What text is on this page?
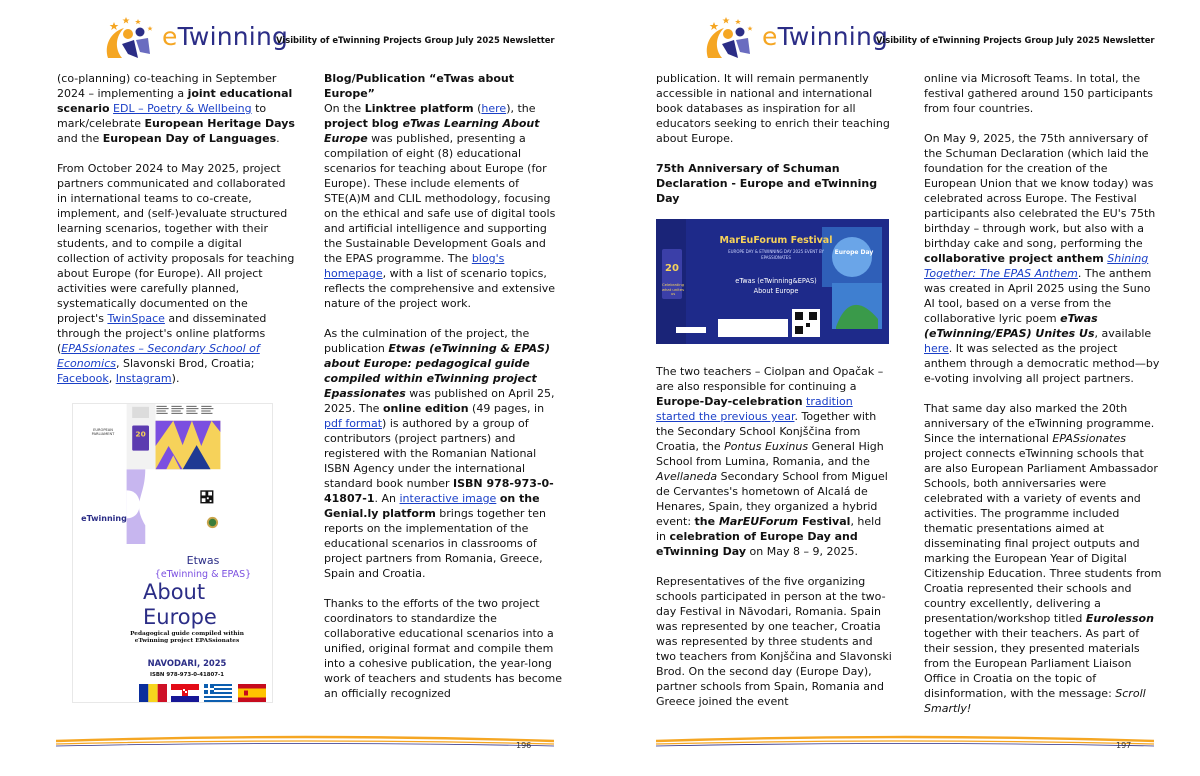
eTwinning
Visibility of eTwinning Projects Group July 2025 Newsletter

(co-planning) co-teaching in September 2024 – implementing a joint educational scenario EDL – Poetry & Wellbeing to mark/celebrate European Heritage Days and the European Day of Languages.

From October 2024 to May 2025, project partners communicated and collaborated in international teams to co-create, implement, and (self-)evaluate structured learning scenarios, together with their students, and to compile a digital collection of activity proposals for teaching about Europe (for Europe). All project activities were carefully planned, systematically documented on the project's TwinSpace and disseminated through the project's online platforms (EPASsionates – Secondary School of Economics, Slavonski Brod, Croatia; Facebook, Instagram).

20
eTwinning
EUROPEAN PARLIAMENT
Celebrating what unites us
Etwas
{eTwinning & EPAS}
About
Europe
Pedagogical guide compiled within eTwinning project EPASsionates
NAVODARI, 2025
ISBN 978-973-0-41807-1

Blog/Publication “eTwas about Europe”

On the Linktree platform (here), the project blog eTwas Learning About Europe was published, presenting a compilation of eight (8) educational scenarios for teaching about Europe (for Europe). These include elements of STE(A)M and CLIL methodology, focusing on the ethical and safe use of digital tools and artificial intelligence and supporting the Sustainable Development Goals and the EPAS programme. The blog's homepage, with a list of scenario topics, reflects the comprehensive and extensive nature of the project work.

As the culmination of the project, the publication Etwas (eTwinning & EPAS) about Europe: pedagogical guide compiled within eTwinning project Epassionates was published on April 25, 2025. The online edition (49 pages, in pdf format) is authored by a group of contributors (project partners) and registered with the Romanian National ISBN Agency under the international standard book number ISBN 978-973-0-41807-1. An interactive image on the Genial.ly platform brings together ten reports on the implementation of the educational scenarios in classrooms of project partners from Romania, Greece, Spain and Croatia.

Thanks to the efforts of the two project coordinators to standardize the collaborative educational scenarios into a unified, original format and compile them into a cohesive publication, the year-long work of teachers and students has become an officially recognized

196
eTwinning
Visibility of eTwinning Projects Group July 2025 Newsletter

publication. It will remain permanently accessible in national and international book databases as inspiration for all educators seeking to enrich their teaching about Europe.

75th Anniversary of Schuman Declaration - Europe and eTwinning Day

20
MarEuForum Festival
EUROPE DAY & ETWINNING DAY 2025 EVENT BY EPASSIONATES
eTwas (eTwinning&EPAS)
About Europe
Celebrating what unites us
Europe Day

The two teachers – Ciolpan and Opačak – are also responsible for continuing a Europe-Day-celebration tradition started the previous year. Together with the Secondary School Konjščina from Croatia, the Pontus Euxinus General High School from Lumina, Romania, and the Avellaneda Secondary School from Miguel de Cervantes's hometown of Alcalá de Henares, Spain, they organized a hybrid event: the MarEUForum Festival, held in celebration of Europe Day and eTwinning Day on May 8 – 9, 2025.

Representatives of the five organizing schools participated in person at the two-day Festival in Năvodari, Romania. Spain was represented by one teacher, Croatia was represented by three students and two teachers from Konjščina and Slavonski Brod. On the second day (Europe Day), partner schools from Spain, Romania and Greece joined the event

online via Microsoft Teams. In total, the festival gathered around 150 participants from four countries.

On May 9, 2025, the 75th anniversary of the Schuman Declaration (which laid the foundation for the creation of the European Union that we know today) was celebrated across Europe. The Festival participants also celebrated the EU's 75th birthday – through work, but also with a birthday cake and song, performing the collaborative project anthem Shining Together: The EPAS Anthem. The anthem was created in April 2025 using the Suno AI tool, based on a verse from the collaborative lyric poem eTwas (eTwinning/EPAS) Unites Us, available here. It was selected as the project anthem through a democratic method—by e-voting involving all project partners.

That same day also marked the 20th anniversary of the eTwinning programme. Since the international EPASsionates project connects eTwinning schools that are also European Parliament Ambassador Schools, both anniversaries were celebrated with a variety of events and activities. The programme included thematic presentations aimed at disseminating final project outputs and marking the European Year of Digital Citizenship Education. Three students from Croatia represented their schools and country excellently, delivering a presentation/workshop titled Eurolesson together with their teachers. As part of their session, they presented materials from the European Parliament Liaison Office in Croatia on the topic of disinformation, with the message: Scroll Smartly!

197
